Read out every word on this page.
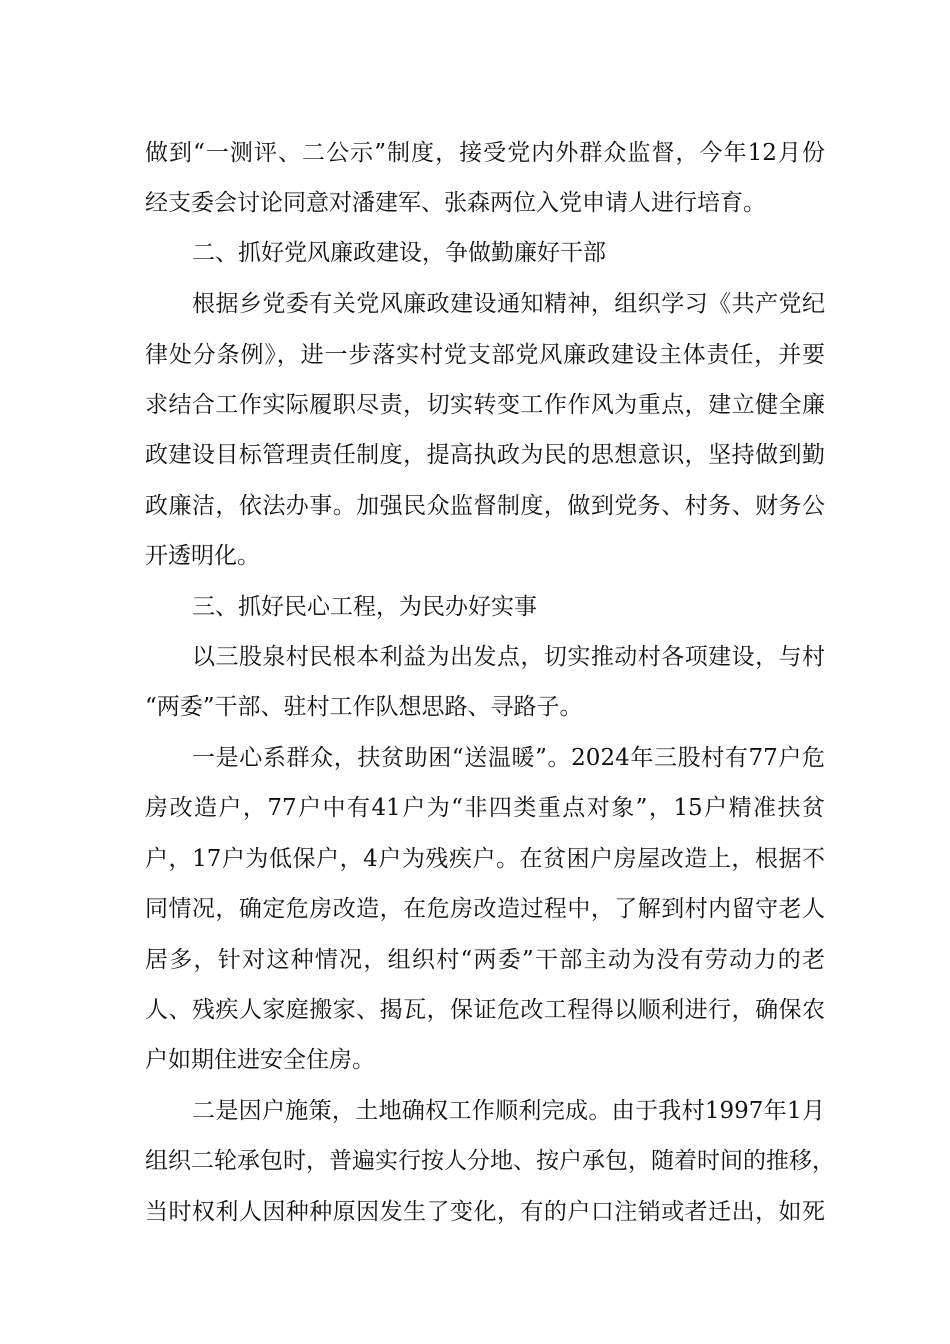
做到“一测评、二公示”制度，接受党内外群众监督，今年12月份
经支委会讨论同意对潘建军、张森两位入党申请人进行培育。
二、抓好党风廉政建设，争做勤廉好干部
根据乡党委有关党风廉政建设通知精神，组织学习《共产党纪
律处分条例》，进一步落实村党支部党风廉政建设主体责任，并要
求结合工作实际履职尽责，切实转变工作作风为重点，建立健全廉
政建设目标管理责任制度，提高执政为民的思想意识，坚持做到勤
政廉洁，依法办事。加强民众监督制度，做到党务、村务、财务公
开透明化。
三、抓好民心工程，为民办好实事
以三股泉村民根本利益为出发点，切实推动村各项建设，与村
“两委”干部、驻村工作队想思路、寻路子。
一是心系群众，扶贫助困“送温暖”。2024年三股村有77户危
房改造户，77户中有41户为“非四类重点对象”，15户精准扶贫
户，17户为低保户，4户为残疾户。在贫困户房屋改造上，根据不
同情况，确定危房改造，在危房改造过程中，了解到村内留守老人
居多，针对这种情况，组织村“两委”干部主动为没有劳动力的老
人、残疾人家庭搬家、揭瓦，保证危改工程得以顺利进行，确保农
户如期住进安全住房。
二是因户施策，土地确权工作顺利完成。由于我村1997年1月
组织二轮承包时，普遍实行按人分地、按户承包，随着时间的推移，
当时权利人因种种原因发生了变化，有的户口注销或者迁出，如死
